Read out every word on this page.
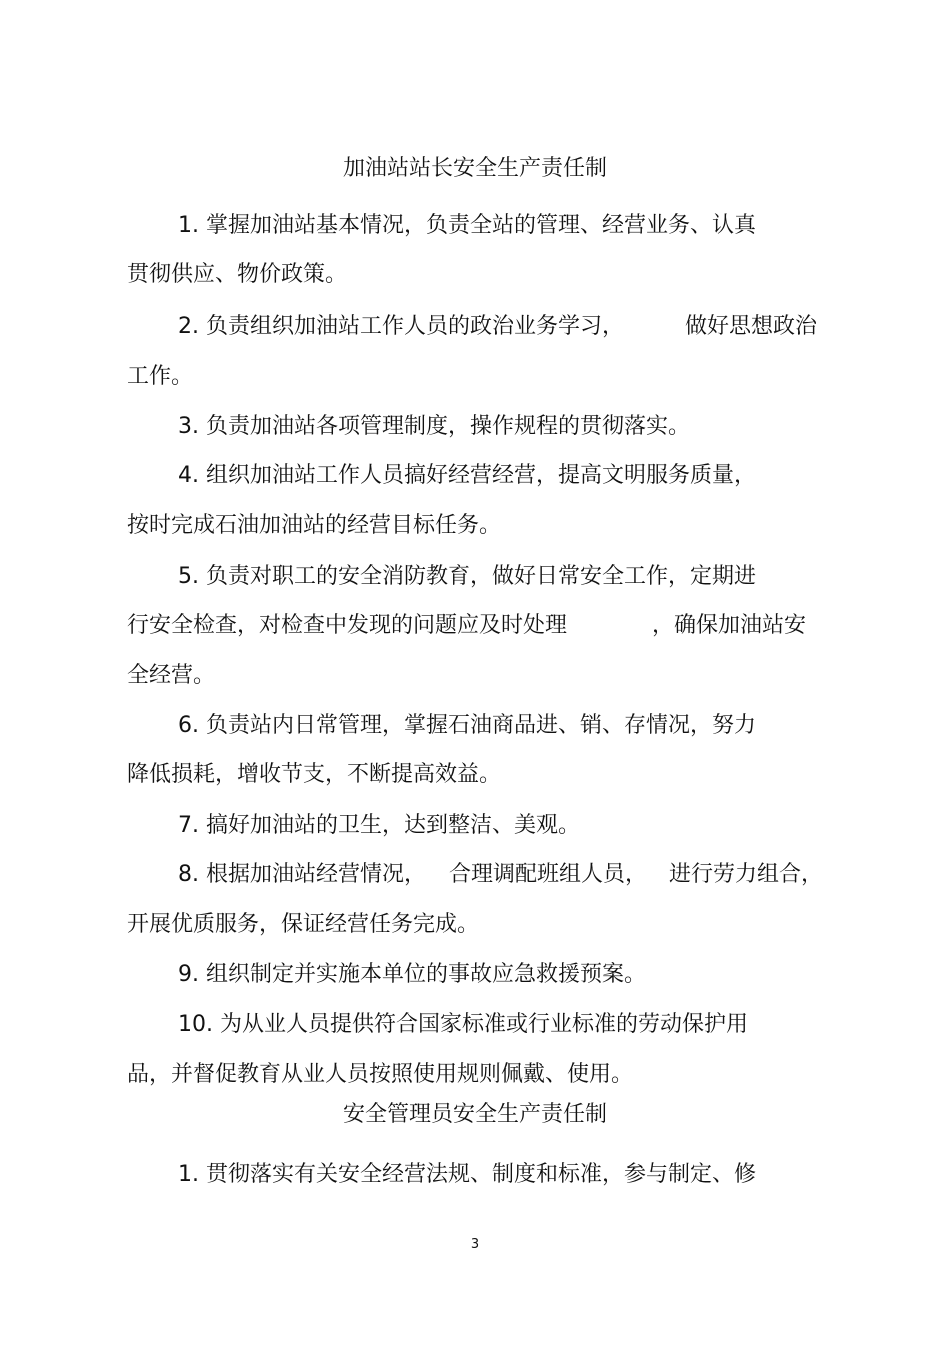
加油站站长安全生产责任制
1. 掌握加油站基本情况，负责全站的管理、经营业务、认真
贯彻供应、物价政策。
2. 负责组织加油站工作人员的政治业务学习，	做好思想政治
工作。
3. 负责加油站各项管理制度，操作规程的贯彻落实。
4. 组织加油站工作人员搞好经营经营，提高文明服务质量，
按时完成石油加油站的经营目标任务。
5. 负责对职工的安全消防教育，做好日常安全工作，定期进
行安全检查，对检查中发现的问题应及时处理	，确保加油站安
全经营。
6. 负责站内日常管理，掌握石油商品进、销、存情况，努力
降低损耗，增收节支，不断提高效益。
7. 搞好加油站的卫生，达到整洁、美观。
8. 根据加油站经营情况， 合理调配班组人员， 进行劳力组合，
开展优质服务，保证经营任务完成。
9. 组织制定并实施本单位的事故应急救援预案。
10. 为从业人员提供符合国家标准或行业标准的劳动保护用
品，并督促教育从业人员按照使用规则佩戴、使用。
安全管理员安全生产责任制
1. 贯彻落实有关安全经营法规、制度和标准，参与制定、修
3
